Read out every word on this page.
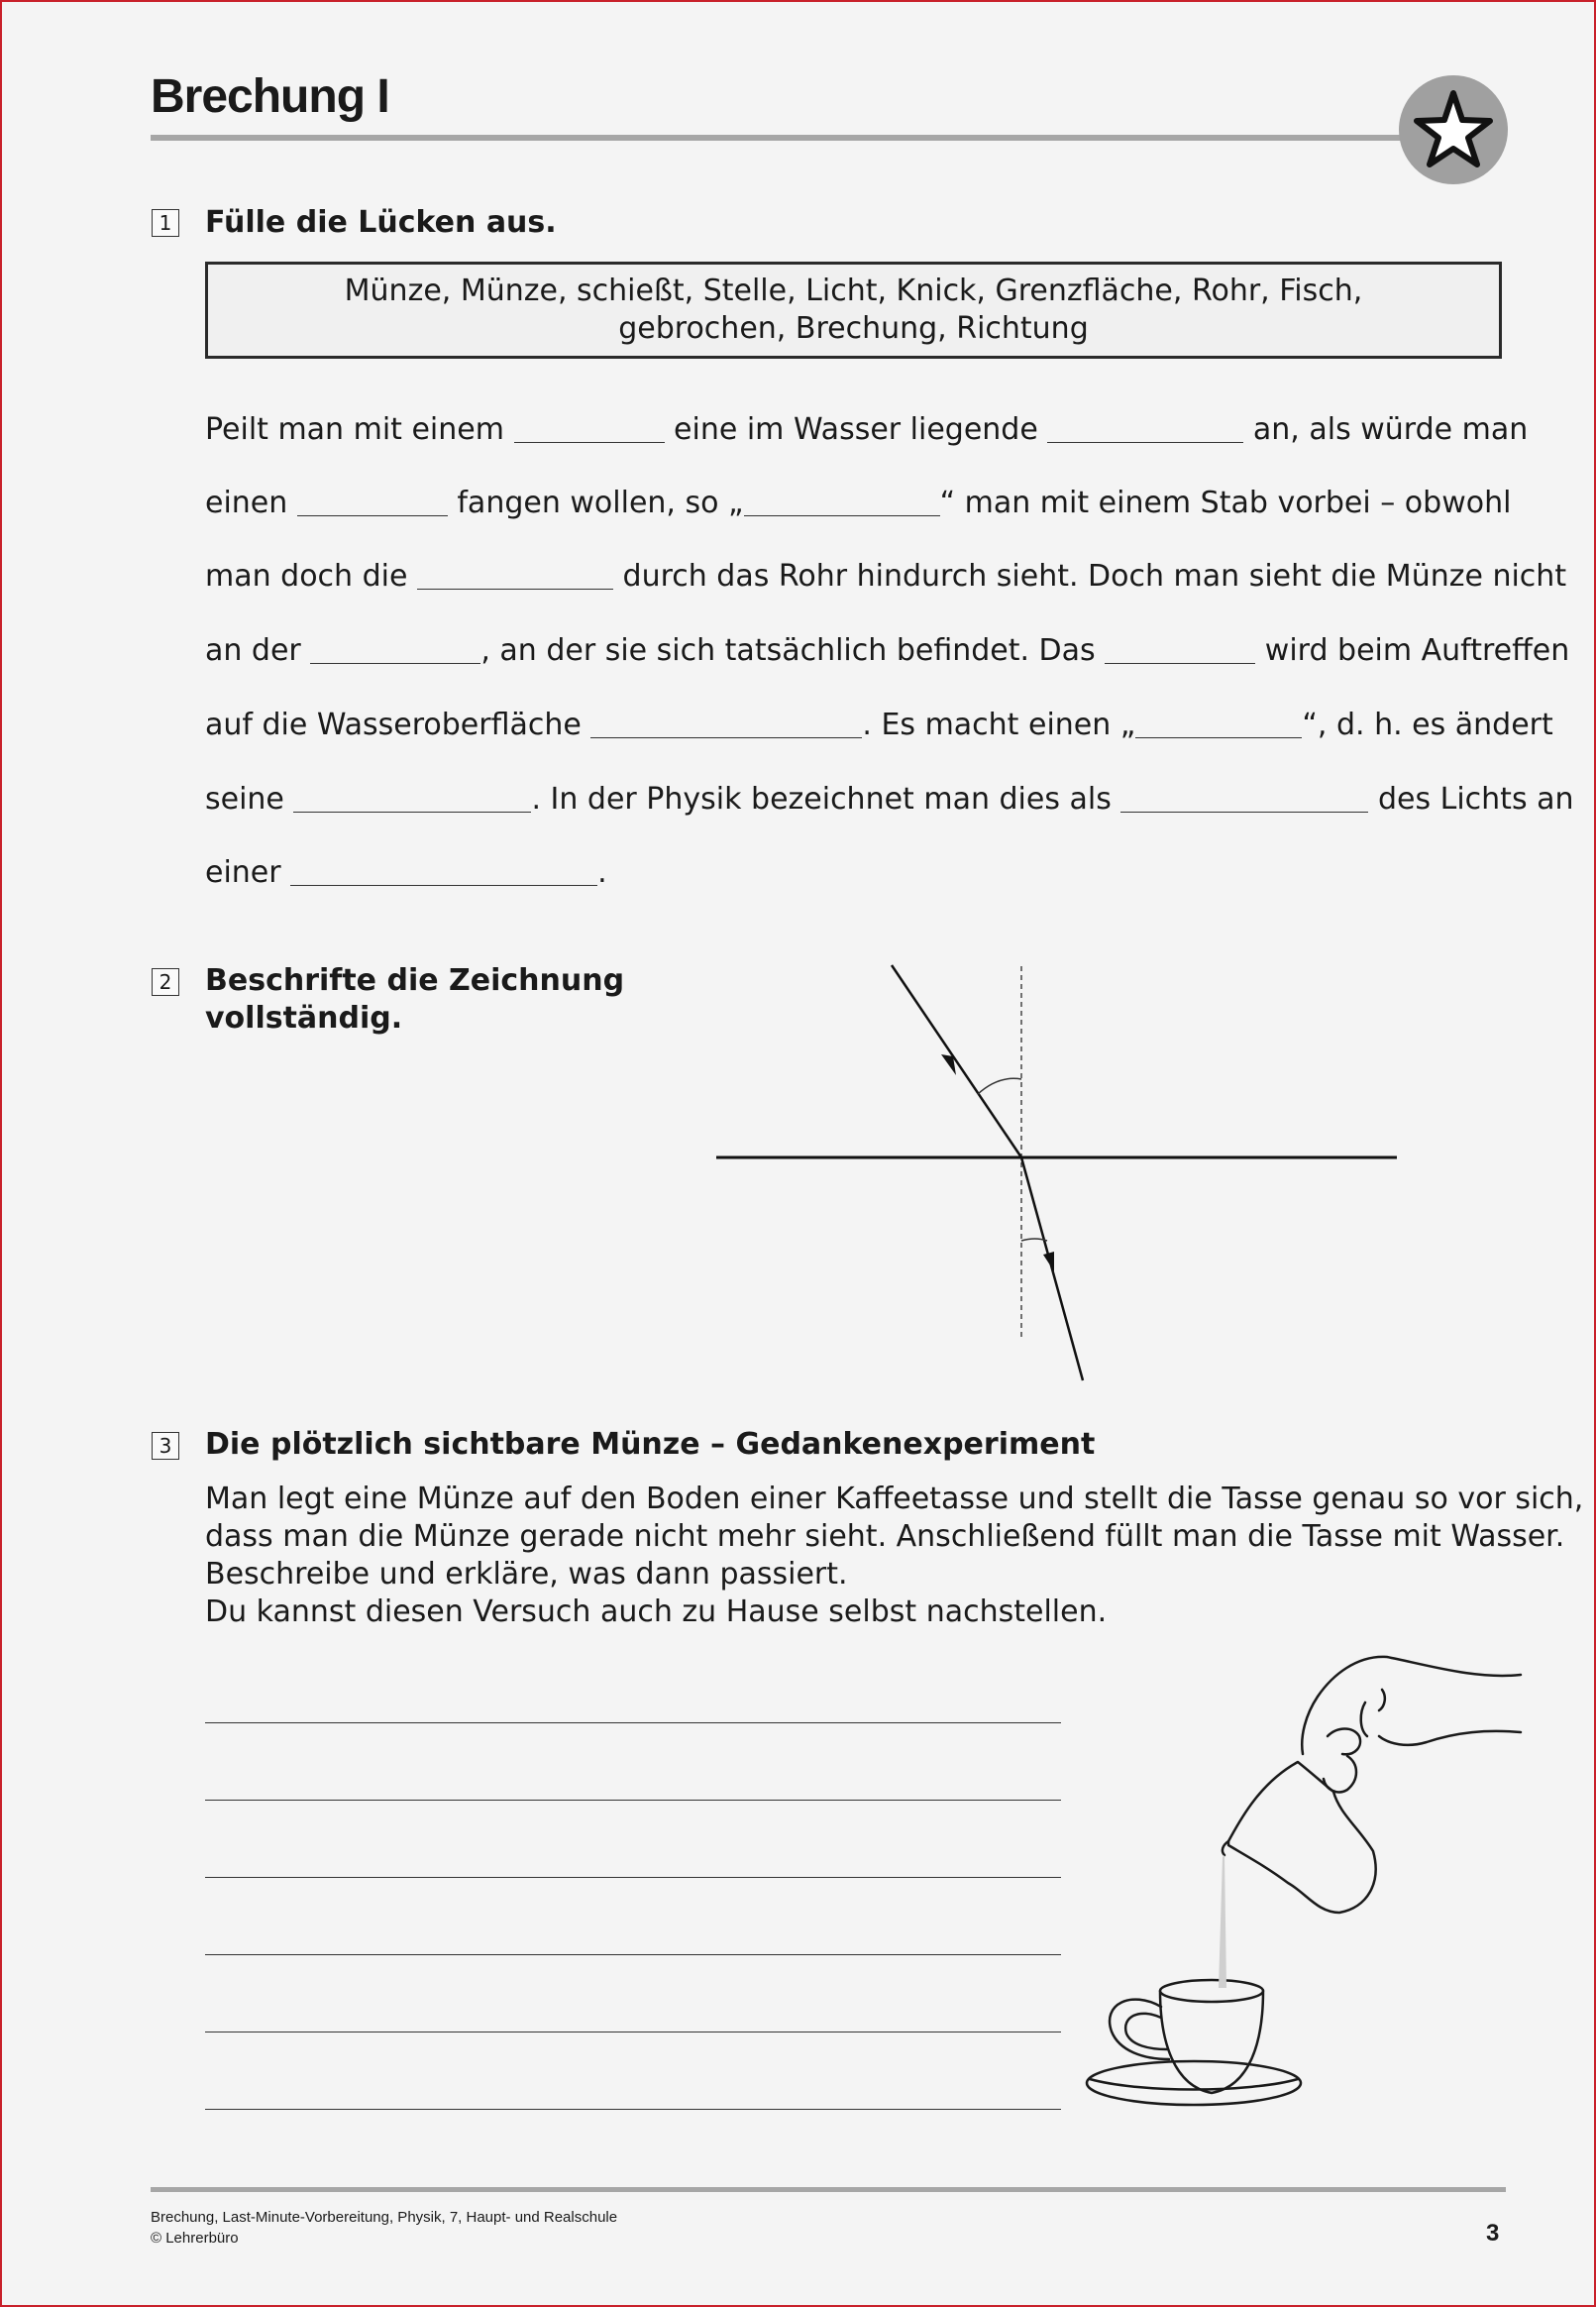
Brechung I
1 Fülle die Lücken aus.
Münze, Münze, schießt, Stelle, Licht, Knick, Grenzfläche, Rohr, Fisch,
gebrochen, Brechung, Richtung
Peilt man mit einem	eine im Wasser liegende	an, als würde man
einen	fangen wollen, so „	“ man mit einem Stab vorbei – obwohl
man doch die	durch das Rohr hindurch sieht. Doch man sieht die Münze nicht
an der	, an der sie sich tatsächlich befindet. Das	wird beim Auftreffen
auf die Wasseroberfläche	. Es macht einen „	“, d. h. es ändert
seine	. In der Physik bezeichnet man dies als	des Lichts an
einer	.
2 Beschrifte die Zeichnung
vollständig.
3 Die plötzlich sichtbare Münze – Gedankenexperiment
Man legt eine Münze auf den Boden einer Kaffeetasse und stellt die Tasse genau so vor sich,
dass man die Münze gerade nicht mehr sieht. Anschließend füllt man die Tasse mit Wasser.
Beschreibe und erkläre, was dann passiert.
Du kannst diesen Versuch auch zu Hause selbst nachstellen.
Brechung, Last-Minute-Vorbereitung, Physik, 7, Haupt- und Realschule
© Lehrerbüro	3
